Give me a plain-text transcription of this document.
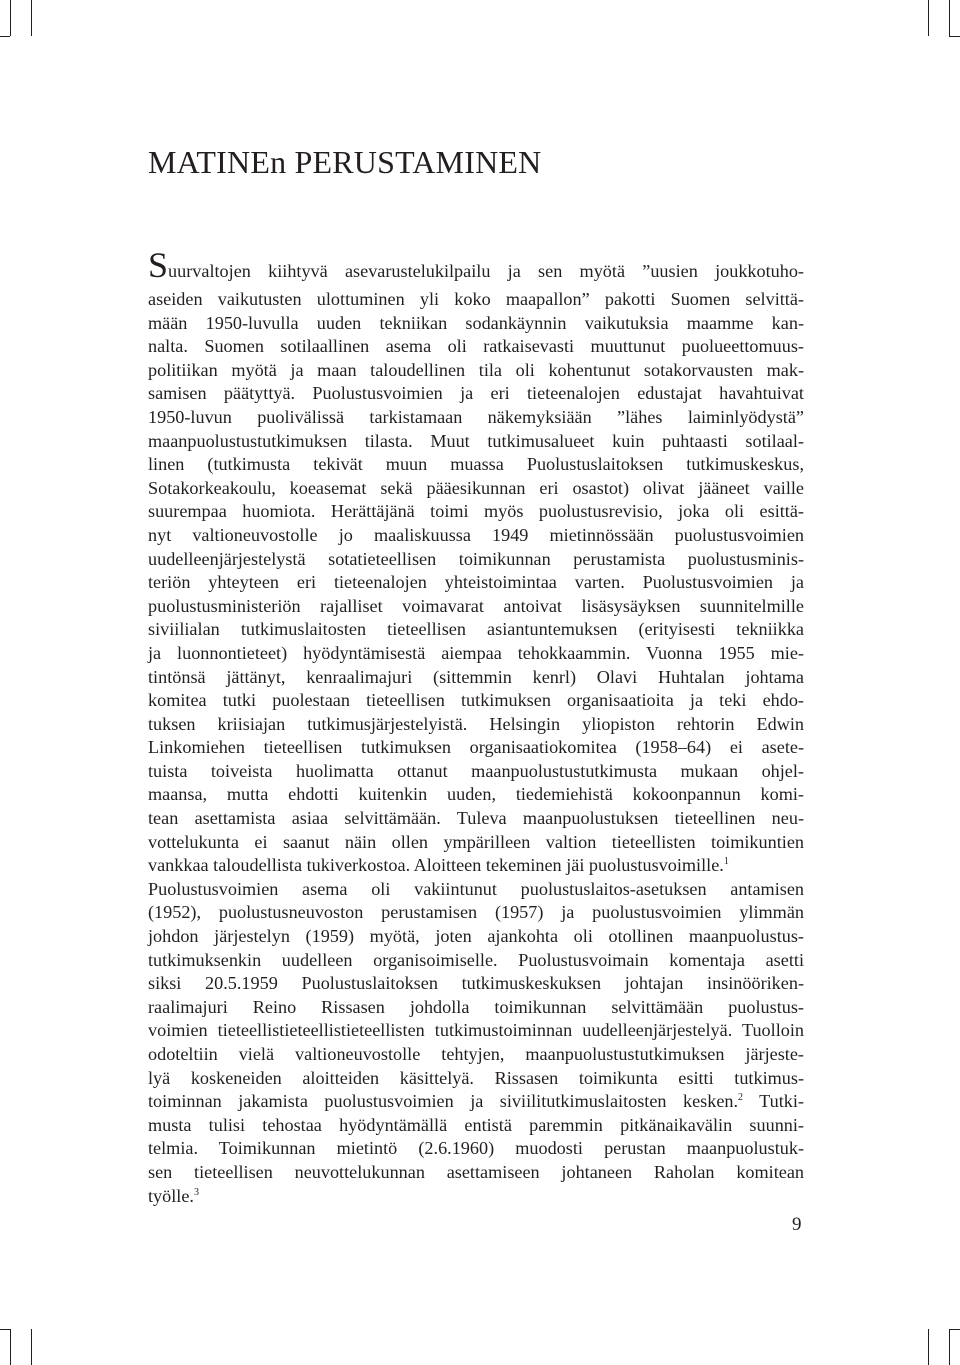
MATINEn PERUSTAMINEN
Suurvaltojen kiihtyvä asevarustelukilpailu ja sen myötä ”uusien joukkotuho-
aseiden vaikutusten ulottuminen yli koko maapallon” pakotti Suomen selvittä-
mään 1950-luvulla uuden tekniikan sodankäynnin vaikutuksia maamme kan-
nalta. Suomen sotilaallinen asema oli ratkaisevasti muuttunut puolueettomuus-
politiikan myötä ja maan taloudellinen tila oli kohentunut sotakorvausten mak-
samisen päätyttyä. Puolustusvoimien ja eri tieteenalojen edustajat havahtuivat
1950-luvun puolivälissä tarkistamaan näkemyksiään ”lähes laiminlyödystä”
maanpuolustustutkimuksen tilasta. Muut tutkimusalueet kuin puhtaasti sotilaal-
linen (tutkimusta tekivät muun muassa Puolustuslaitoksen tutkimuskeskus,
Sotakorkeakoulu, koeasemat sekä pääesikunnan eri osastot) olivat jääneet vaille
suurempaa huomiota. Herättäjänä toimi myös puolustusrevisio, joka oli esittä-
nyt valtioneuvostolle jo maaliskuussa 1949 mietinnössään puolustusvoimien
uudelleenjärjestelystä sotatieteellisen toimikunnan perustamista puolustusminis-
teriön yhteyteen eri tieteenalojen yhteistoimintaa varten. Puolustusvoimien ja
puolustusministeriön rajalliset voimavarat antoivat lisäsysäyksen suunnitelmille
siviilialan tutkimuslaitosten tieteellisen asiantuntemuksen (erityisesti tekniikka
ja luonnontieteet) hyödyntämisestä aiempaa tehokkaammin. Vuonna 1955 mie-
tintönsä jättänyt, kenraalimajuri (sittemmin kenrl) Olavi Huhtalan johtama
komitea tutki puolestaan tieteellisen tutkimuksen organisaatioita ja teki ehdo-
tuksen kriisiajan tutkimusjärjestelyistä. Helsingin yliopiston rehtorin Edwin
Linkomiehen tieteellisen tutkimuksen organisaatiokomitea (1958–64) ei asete-
tuista toiveista huolimatta ottanut maanpuolustustutkimusta mukaan ohjel-
maansa, mutta ehdotti kuitenkin uuden, tiedemiehistä kokoonpannun komi-
tean asettamista asiaa selvittämään. Tuleva maanpuolustuksen tieteellinen neu-
vottelukunta ei saanut näin ollen ympärilleen valtion tieteellisten toimikuntien
vankkaa taloudellista tukiverkostoa. Aloitteen tekeminen jäi puolustusvoimille.$^1$
Puolustusvoimien asema oli vakiintunut puolustuslaitos-asetuksen antamisen
(1952), puolustusneuvoston perustamisen (1957) ja puolustusvoimien ylimmän
johdon järjestelyn (1959) myötä, joten ajankohta oli otollinen maanpuolustus-
tutkimuksenkin uudelleen organisoimiselle. Puolustusvoimain komentaja asetti
siksi 20.5.1959 Puolustuslaitoksen tutkimuskeskuksen johtajan insinööriken-
raalimajuri Reino Rissasen johdolla toimikunnan selvittämään puolustus-
voimien tieteellistieteellistieteellisten tutkimustoiminnan uudelleenjärjestelyä. Tuolloin
odoteltiin vielä valtioneuvostolle tehtyjen, maanpuolustustutkimuksen järjeste-
lyä koskeneiden aloitteiden käsittelyä. Rissasen toimikunta esitti tutkimus-
toiminnan jakamista puolustusvoimien ja siviilitutkimuslaitosten kesken.$^2$ Tutki-
musta tulisi tehostaa hyödyntämällä entistä paremmin pitkänaikavälin suunni-
telmia. Toimikunnan mietintö (2.6.1960) muodosti perustan maanpuolustuk-
sen tieteellisen neuvottelukunnan asettamiseen johtaneen Raholan komitean
työlle.$^3$
9
